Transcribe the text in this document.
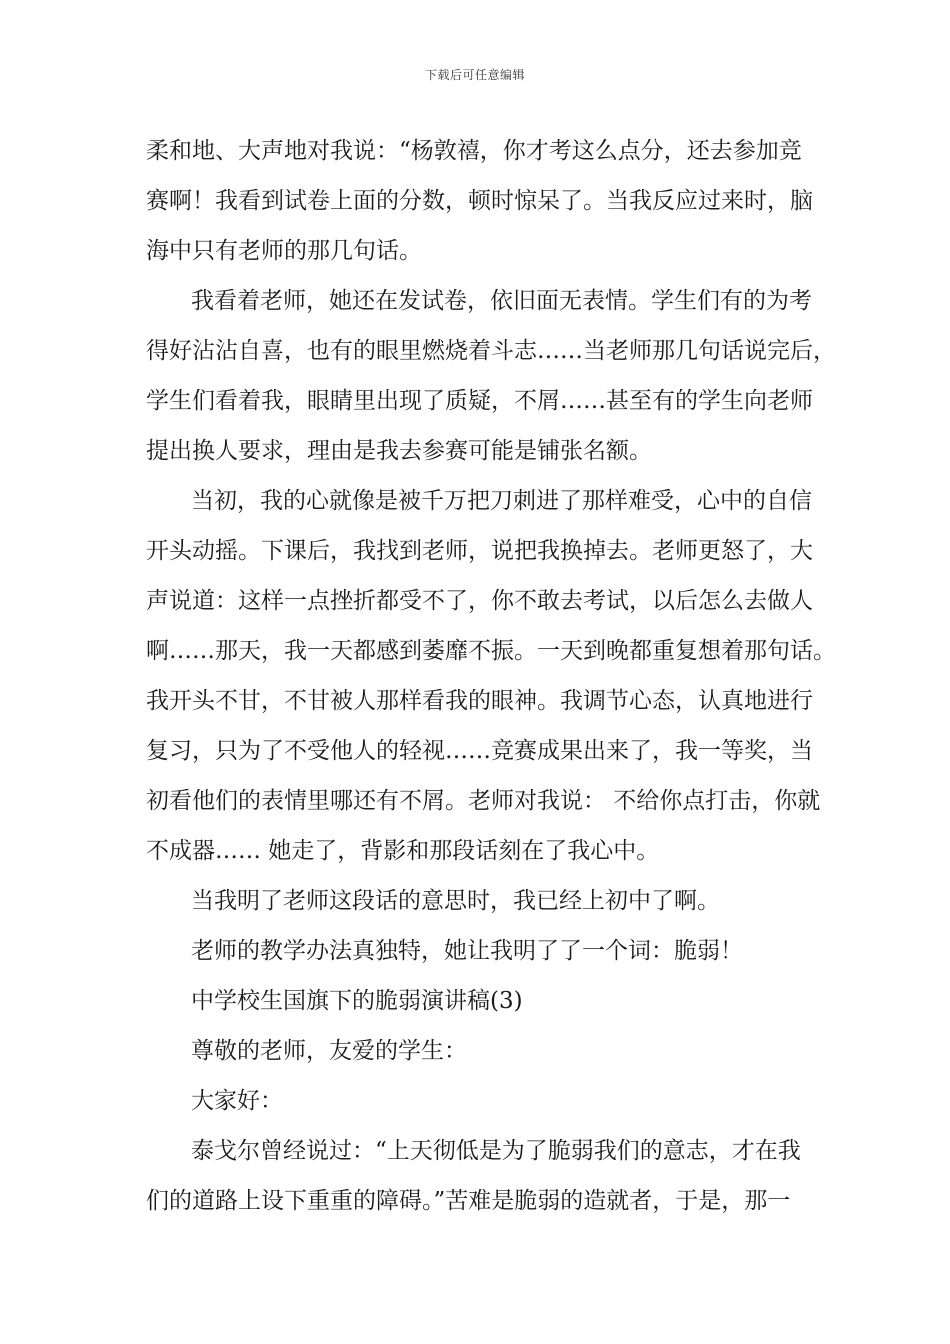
下载后可任意编辑
柔和地、大声地对我说：“杨敦禧，你才考这么点分，还去参加竞
赛啊！我看到试卷上面的分数，顿时惊呆了。当我反应过来时，脑
海中只有老师的那几句话。
我看着老师，她还在发试卷，依旧面无表情。学生们有的为考
得好沾沾自喜，也有的眼里燃烧着斗志……当老师那几句话说完后，
学生们看着我，眼睛里出现了质疑，不屑……甚至有的学生向老师
提出换人要求，理由是我去参赛可能是铺张名额。
当初，我的心就像是被千万把刀刺进了那样难受，心中的自信
开头动摇。下课后，我找到老师，说把我换掉去。老师更怒了，大
声说道：这样一点挫折都受不了，你不敢去考试，以后怎么去做人
啊……那天，我一天都感到萎靡不振。一天到晚都重复想着那句话。
我开头不甘，不甘被人那样看我的眼神。我调节心态，认真地进行
复习，只为了不受他人的轻视……竞赛成果出来了，我一等奖，当
初看他们的表情里哪还有不屑。老师对我说： 不给你点打击，你就
不成器…… 她走了，背影和那段话刻在了我心中。
当我明了老师这段话的意思时，我已经上初中了啊。
老师的教学办法真独特，她让我明了了一个词：脆弱！
中学校生国旗下的脆弱演讲稿(3)
尊敬的老师，友爱的学生：
大家好：
泰戈尔曾经说过：“上天彻低是为了脆弱我们的意志，才在我
们的道路上设下重重的障碍。”苦难是脆弱的造就者，于是，那一
